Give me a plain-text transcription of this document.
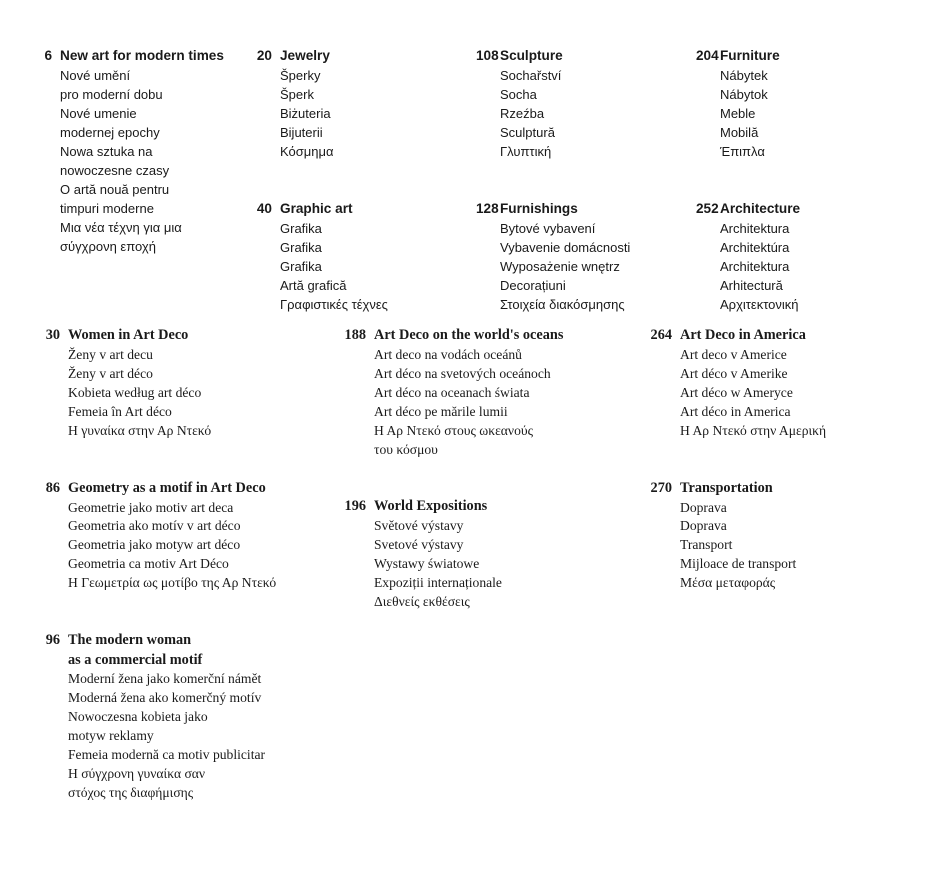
6 New art for modern times
Nové umění
pro moderní dobu
Nové umenie
modernej epochy
Nowa sztuka na
nowoczesne czasy
O artă nouă pentru
timpuri moderne
Μια νέα τέχνη για μια
σύγχρονη εποχή
20 Jewelry
Šperky
Šperk
Biżuteria
Bijuterii
Κόσμημα
40 Graphic art
Grafika
Grafika
Grafika
Artă grafică
Γραφιστικές τέχνες
108 Sculpture
Sochařství
Socha
Rzeźba
Sculptură
Γλυπτική
128 Furnishings
Bytové vybavení
Vybavenie domácnosti
Wyposażenie wnętrz
Decorațiuni
Στοιχεία διακόσμησης
204 Furniture
Nábytek
Nábytok
Meble
Mobilă
Έπιπλα
252 Architecture
Architektura
Architektúra
Architektura
Arhitectură
Αρχιτεκτονική
30 Women in Art Deco
Ženy v art decu
Ženy v art déco
Kobieta według art déco
Femeia în Art déco
Η γυναίκα στην Αρ Ντεκό
86 Geometry as a motif in Art Deco
Geometrie jako motiv art deca
Geometria ako motív v art déco
Geometria jako motyw art déco
Geometria ca motiv Art Déco
Η Γεωμετρία ως μοτίβο της Αρ Ντεκό
96 The modern woman
as a commercial motif
Moderní žena jako komerční námět
Moderná žena ako komerčný motív
Nowoczesna kobieta jako
motyw reklamy
Femeia modernă ca motiv publicitar
Η σύγχρονη γυναίκα σαν
στόχος της διαφήμισης
188 Art Deco on the world's oceans
Art deco na vodách oceánů
Art déco na svetových oceánoch
Art déco na oceanach świata
Art déco pe mările lumii
Η Αρ Ντεκό στους ωκεανούς
του κόσμου
196 World Expositions
Světové výstavy
Svetové výstavy
Wystawy światowe
Expoziții internaționale
Διεθνείς εκθέσεις
264 Art Deco in America
Art deco v Americe
Art déco v Amerike
Art déco w Ameryce
Art déco in America
Η Αρ Ντεκό στην Αμερική
270 Transportation
Doprava
Doprava
Transport
Mijloace de transport
Μέσα μεταφοράς
